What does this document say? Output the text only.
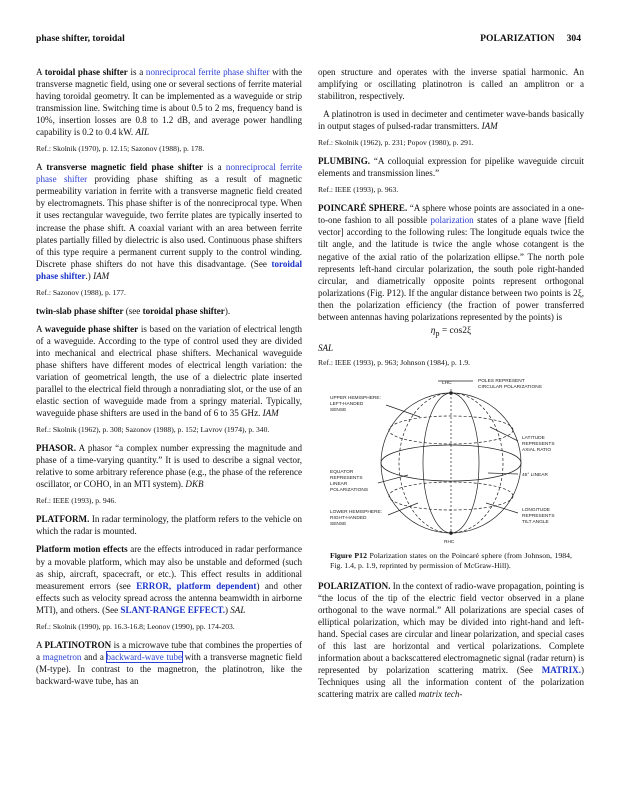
phase shifter, toroidal	POLARIZATION 304

A toroidal phase shifter is a nonreciprocal ferrite phase shifter with the transverse magnetic field, using one or several sections of ferrite material having toroidal geometry. It can be implemented as a waveguide or strip transmission line. Switching time is about 0.5 to 2 ms, frequency band is 10%, insertion losses are 0.8 to 1.2 dB, and average power handling capability is 0.2 to 0.4 kW. AIL

Ref.: Skolnik (1970), p. 12.15; Sazonov (1988), p. 178.

A transverse magnetic field phase shifter is a nonreciprocal ferrite phase shifter providing phase shifting as a result of magnetic permeability variation in ferrite with a transverse magnetic field created by electromagnets. This phase shifter is of the nonreciprocal type. When it uses rectangular waveguide, two ferrite plates are typically inserted to increase the phase shift. A coaxial variant with an area between ferrite plates partially filled by dielectric is also used. Continuous phase shifters of this type require a permanent current supply to the control winding. Discrete phase shifters do not have this disadvantage. (See toroidal phase shifter.) IAM

Ref.: Sazonov (1988), p. 177.

twin-slab phase shifter (see toroidal phase shifter).

A waveguide phase shifter is based on the variation of electrical length of a waveguide. According to the type of control used they are divided into mechanical and electrical phase shifters. Mechanical waveguide phase shifters have different modes of electrical length variation: the variation of geometrical length, the use of a dielectric plate inserted parallel to the electrical field through a nonradiating slot, or the use of an elastic section of waveguide made from a springy material. Typically, waveguide phase shifters are used in the band of 6 to 35 GHz. IAM

Ref.: Skolnik (1962), p. 308; Sazonov (1988), p. 152; Lavrov (1974), p. 340.

PHASOR. A phasor “a complex number expressing the magnitude and phase of a time-varying quantity.” It is used to describe a signal vector, relative to some arbitrary reference phase (e.g., the phase of the reference oscillator, or COHO, in an MTI system). DKB

Ref.: IEEE (1993), p. 946.

PLATFORM. In radar terminology, the platform refers to the vehicle on which the radar is mounted.

Platform motion effects are the effects introduced in radar performance by a movable platform, which may also be unstable and deformed (such as ship, aircraft, spacecraft, or etc.). This effect results in additional measurement errors (see ERROR, platform dependent) and other effects such as velocity spread across the antenna beamwidth in airborne MTI), and others. (See SLANT-RANGE EFFECT.) SAL

Ref.: Skolnik (1990), pp. 16.3-16.8; Leonov (1990), pp. 174-203.

A PLATINOTRON is a microwave tube that combines the properties of a magnetron and a backward-wave tube with a transverse magnetic field (M-type). In contrast to the magnetron, the platinotron, like the backward-wave tube, has an

open structure and operates with the inverse spatial harmonic. An amplifying or oscillating platinotron is called an amplitron or a stabilitron, respectively.

A platinotron is used in decimeter and centimeter wave-bands basically in output stages of pulsed-radar transmitters. IAM

Ref.: Skolnik (1962), p. 231; Popov (1980), p. 291.

PLUMBING. “A colloquial expression for pipelike waveguide circuit elements and transmission lines.”

Ref.: IEEE (1993), p. 963.

POINCARÉ SPHERE. “A sphere whose points are associated in a one-to-one fashion to all possible polarization states of a plane wave [field vector] according to the following rules: The longitude equals twice the tilt angle, and the latitude is twice the angle whose cotangent is the negative of the axial ratio of the polarization ellipse.” The north pole represents left-hand circular polarization, the south pole right-handed circular, and diametrically opposite points represent orthogonal polarizations (Fig. P12). If the angular distance between two points is 2ξ, then the polarization efficiency (the fraction of power transferred between antennas having polarizations represented by the points) is

$\eta_p = \cos 2\xi$
SAL

Ref.: IEEE (1993), p. 963; Johnson (1984), p. 1.9.

LHC	POLES REPRESENT
CIRCULAR POLARIZATIONS
UPPER HEMISPHERE:
LEFT-HANDED
SENSE
LATITUDE
REPRESENTS
AXIAL RATIO
EQUATOR
REPRESENTS
LINEAR
POLARIZATIONS
45° LINEAR
LOWER HEMISPHERE:
RIGHT-HANDED
SENSE
LONGITUDE
REPRESENTS
TILT ANGLE
RHC

Figure P12 Polarization states on the Poincaré sphere (from Johnson, 1984, Fig. 1.4, p. 1.9, reprinted by permission of McGraw-Hill).

POLARIZATION. In the context of radio-wave propagation, pointing is “the locus of the tip of the electric field vector observed in a plane orthogonal to the wave normal.” All polarizations are special cases of elliptical polarization, which may be divided into right-hand and left-hand. Special cases are circular and linear polarization, and special cases of this last are horizontal and vertical polarizations. Complete information about a backscattered electromagnetic signal (radar return) is represented by polarization scattering matrix. (See MATRIX.) Techniques using all the information content of the polarization scattering matrix are called matrix tech-
